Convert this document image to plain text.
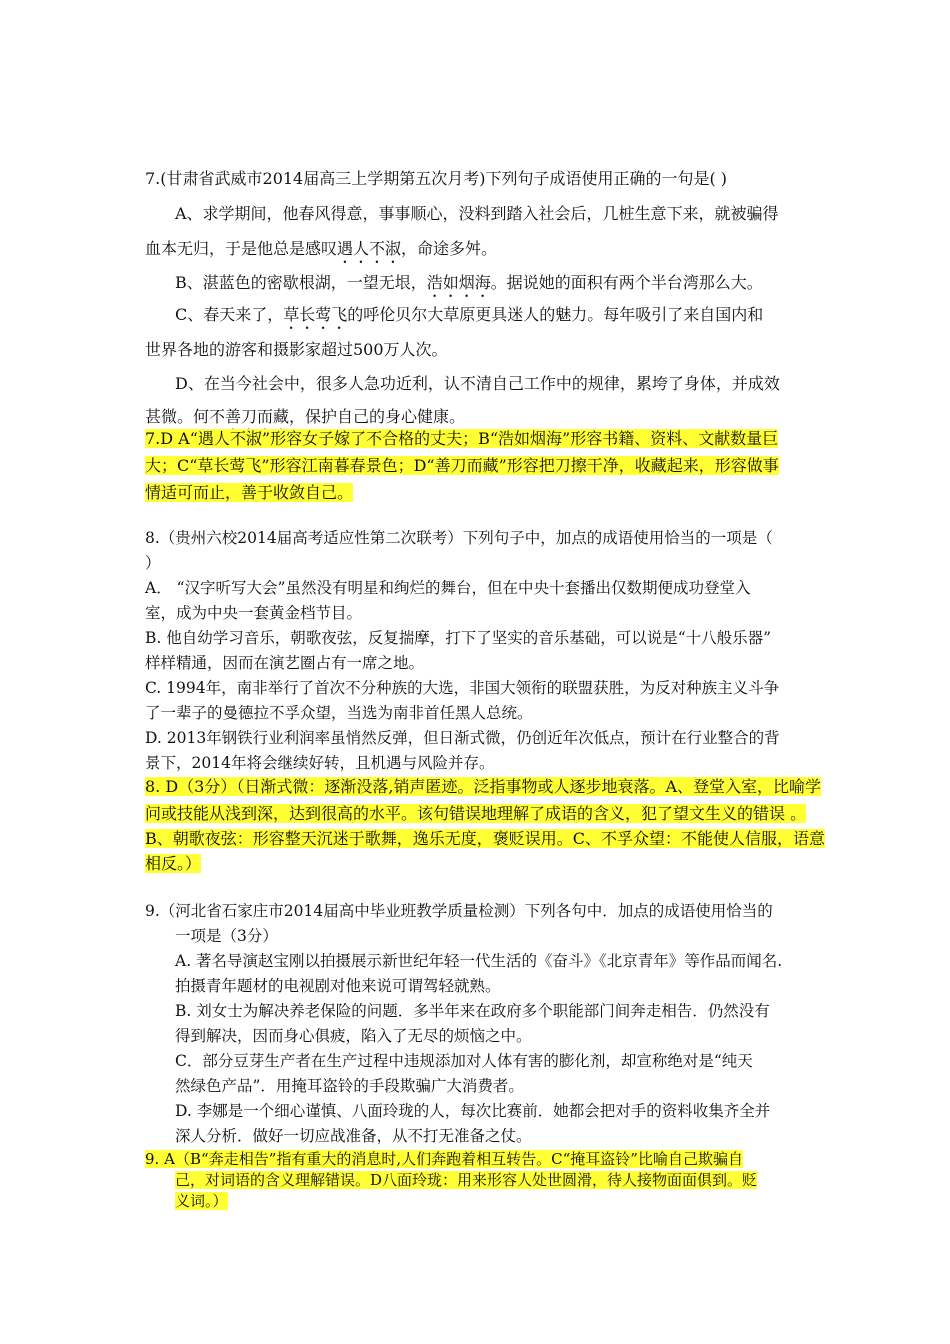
7.(甘肃省武威市2014届高三上学期第五次月考)下列句子成语使用正确的一句是( )

A、求学期间，他春风得意，事事顺心，没料到踏入社会后，几桩生意下来，就被骗得

血本无归，于是他总是感叹遇人不淑，命途多舛。

B、湛蓝色的密歇根湖，一望无垠，浩如烟海。据说她的面积有两个半台湾那么大。

C、春天来了，草长莺飞的呼伦贝尔大草原更具迷人的魅力。每年吸引了来自国内和

世界各地的游客和摄影家超过500万人次。

D、在当今社会中，很多人急功近利，认不清自己工作中的规律，累垮了身体，并成效

甚微。何不善刀而藏，保护自己的身心健康。

7.D A“遇人不淑”形容女子嫁了不合格的丈夫；B“浩如烟海”形容书籍、资料、文献数量巨

大；C“草长莺飞”形容江南暮春景色；D“善刀而藏”形容把刀擦干净，收藏起来，形容做事

情适可而止，善于收敛自己。

8.（贵州六校2014届高考适应性第二次联考）下列句子中，加点的成语使用恰当的一项是（

）

A． “汉字听写大会”虽然没有明星和绚烂的舞台，但在中央十套播出仅数期便成功登堂入

室，成为中央一套黄金档节目。

B. 他自幼学习音乐，朝歌夜弦，反复揣摩，打下了坚实的音乐基础，可以说是“十八般乐器”

样样精通，因而在演艺圈占有一席之地。

C. 1994年，南非举行了首次不分种族的大选，非国大领衔的联盟获胜，为反对种族主义斗争

了一辈子的曼德拉不孚众望，当选为南非首任黑人总统。

D. 2013年钢铁行业利润率虽悄然反弹，但日渐式微，仍创近年次低点，预计在行业整合的背

景下，2014年将会继续好转，且机遇与风险并存。

8. D（3分）（日渐式微：逐渐没落,销声匿迹。泛指事物或人逐步地衰落。A、登堂入室，比喻学

问或技能从浅到深，达到很高的水平。该句错误地理解了成语的含义，犯了望文生义的错误 。

B、朝歌夜弦：形容整天沉迷于歌舞，逸乐无度，褒贬误用。C、不孚众望：不能使人信服，语意

相反。）

9.（河北省石家庄市2014届高中毕业班教学质量检测）下列各句中．加点的成语使用恰当的

一项是（3分）

A. 著名导演赵宝刚以拍摄展示新世纪年轻一代生活的《奋斗》《北京青年》等作品而闻名.

拍摄青年题材的电视剧对他来说可谓驾轻就熟。

B. 刘女士为解决养老保险的问题．多半年来在政府多个职能部门间奔走相告．仍然没有

得到解决，因而身心俱疲，陷入了无尽的烦恼之中。

C．部分豆芽生产者在生产过程中违规添加对人体有害的膨化剂，却宣称绝对是“纯天

然绿色产品”．用掩耳盗铃的手段欺骗广大消费者。

D. 李娜是一个细心谨慎、八面玲珑的人，每次比赛前．她都会把对手的资料收集齐全并

深人分析．做好一切应战准备，从不打无准备之仗。

9. A （B“奔走相告”指有重大的消息时,人们奔跑着相互转告。C“掩耳盗铃”比喻自己欺骗自

己，对词语的含义理解错误。D八面玲珑：用来形容人处世圆滑，待人接物面面俱到。贬

义词。）
